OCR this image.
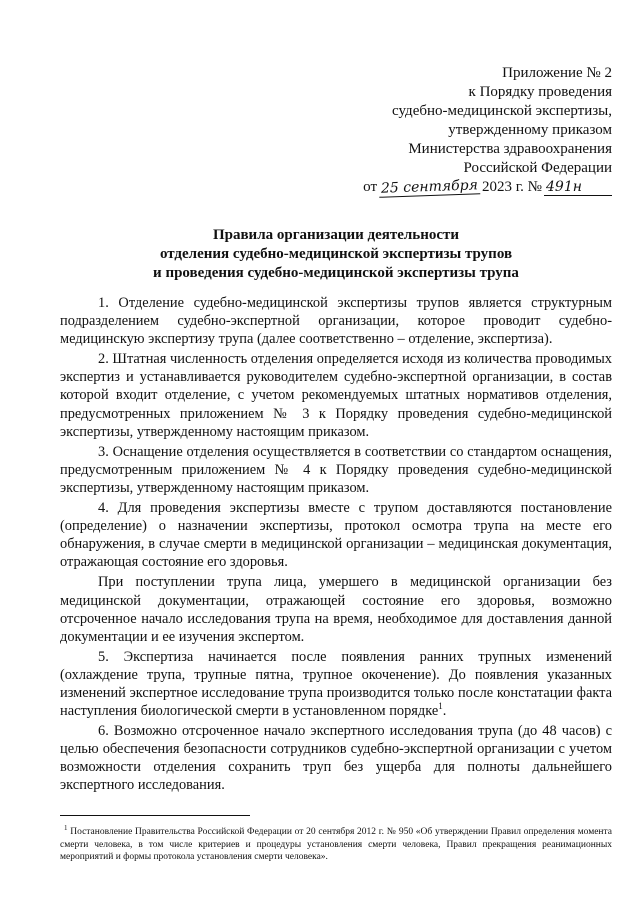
Приложение № 2
к Порядку проведения
судебно-медицинской экспертизы,
утвержденному приказом
Министерства здравоохранения
Российской Федерации
от 25 сентября 2023 г. № 491н
Правила организации деятельности
отделения судебно-медицинской экспертизы трупов
и проведения судебно-медицинской экспертизы трупа

1. Отделение судебно-медицинской экспертизы трупов является структурным подразделением судебно-экспертной организации, которое проводит судебно-медицинскую экспертизу трупа (далее соответственно – отделение, экспертиза).

2. Штатная численность отделения определяется исходя из количества проводимых экспертиз и устанавливается руководителем судебно-экспертной организации, в состав которой входит отделение, с учетом рекомендуемых штатных нормативов отделения, предусмотренных приложением № 3 к Порядку проведения судебно-медицинской экспертизы, утвержденному настоящим приказом.

3. Оснащение отделения осуществляется в соответствии со стандартом оснащения, предусмотренным приложением № 4 к Порядку проведения судебно-медицинской экспертизы, утвержденному настоящим приказом.

4. Для проведения экспертизы вместе с трупом доставляются постановление (определение) о назначении экспертизы, протокол осмотра трупа на месте его обнаружения, в случае смерти в медицинской организации – медицинская документация, отражающая состояние его здоровья.

При поступлении трупа лица, умершего в медицинской организации без медицинской документации, отражающей состояние его здоровья, возможно отсроченное начало исследования трупа на время, необходимое для доставления данной документации и ее изучения экспертом.

5. Экспертиза начинается после появления ранних трупных изменений (охлаждение трупа, трупные пятна, трупное окоченение). До появления указанных изменений экспертное исследование трупа производится только после констатации факта наступления биологической смерти в установленном порядке$^1$.

6. Возможно отсроченное начало экспертного исследования трупа (до 48 часов) с целью обеспечения безопасности сотрудников судебно-экспертной организации с учетом возможности отделения сохранить труп без ущерба для полноты дальнейшего экспертного исследования.

$^1$ Постановление Правительства Российской Федерации от 20 сентября 2012 г. № 950 «Об утверждении Правил определения момента смерти человека, в том числе критериев и процедуры установления смерти человека, Правил прекращения реанимационных мероприятий и формы протокола установления смерти человека».
